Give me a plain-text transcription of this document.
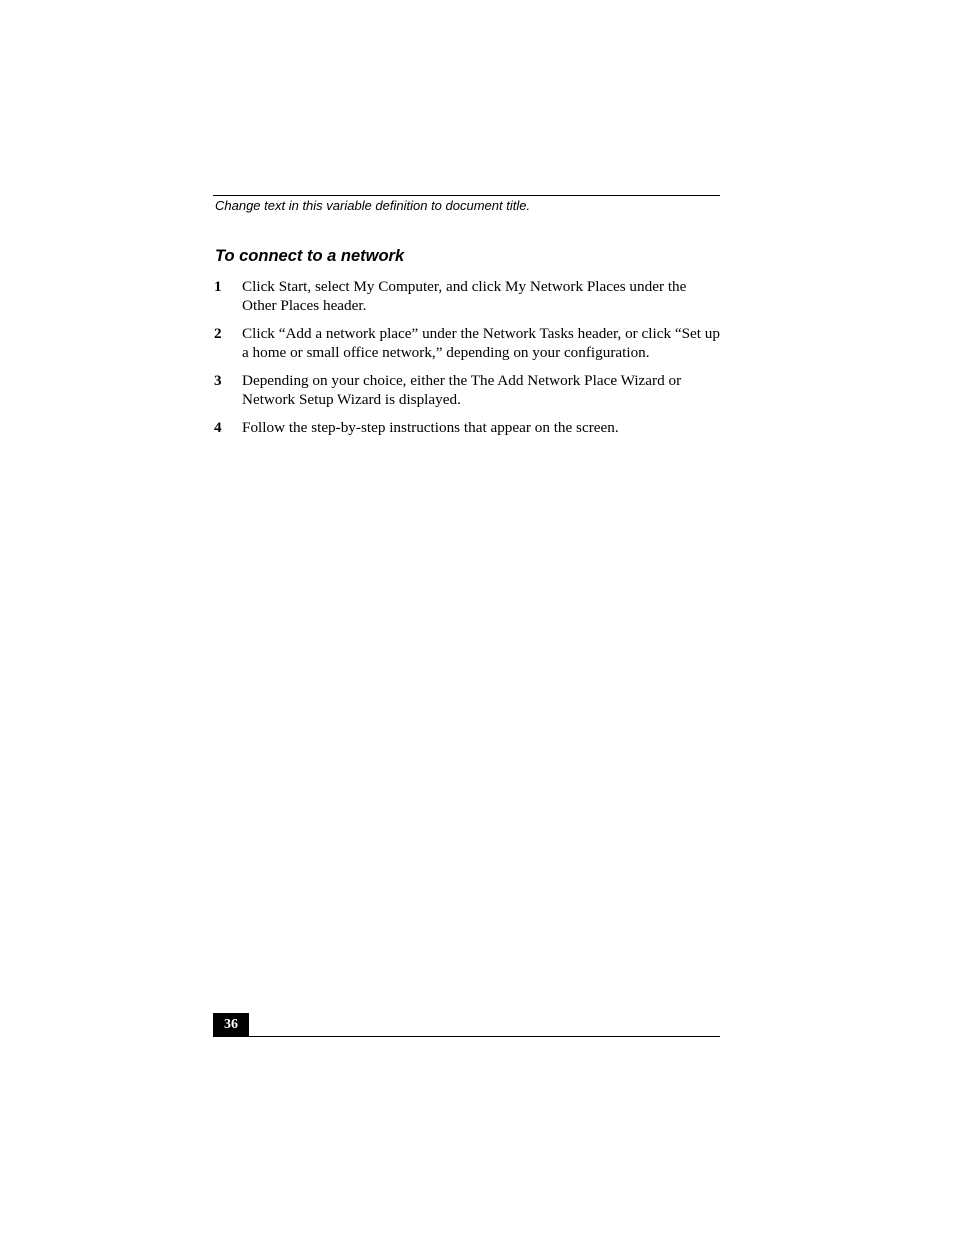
Change text in this variable definition to document title.
To connect to a network
1 Click Start, select My Computer, and click My Network Places under the Other Places header.
2 Click “Add a network place” under the Network Tasks header, or click “Set up a home or small office network,” depending on your configuration.
3 Depending on your choice, either the The Add Network Place Wizard or Network Setup Wizard is displayed.
4 Follow the step-by-step instructions that appear on the screen.
36
